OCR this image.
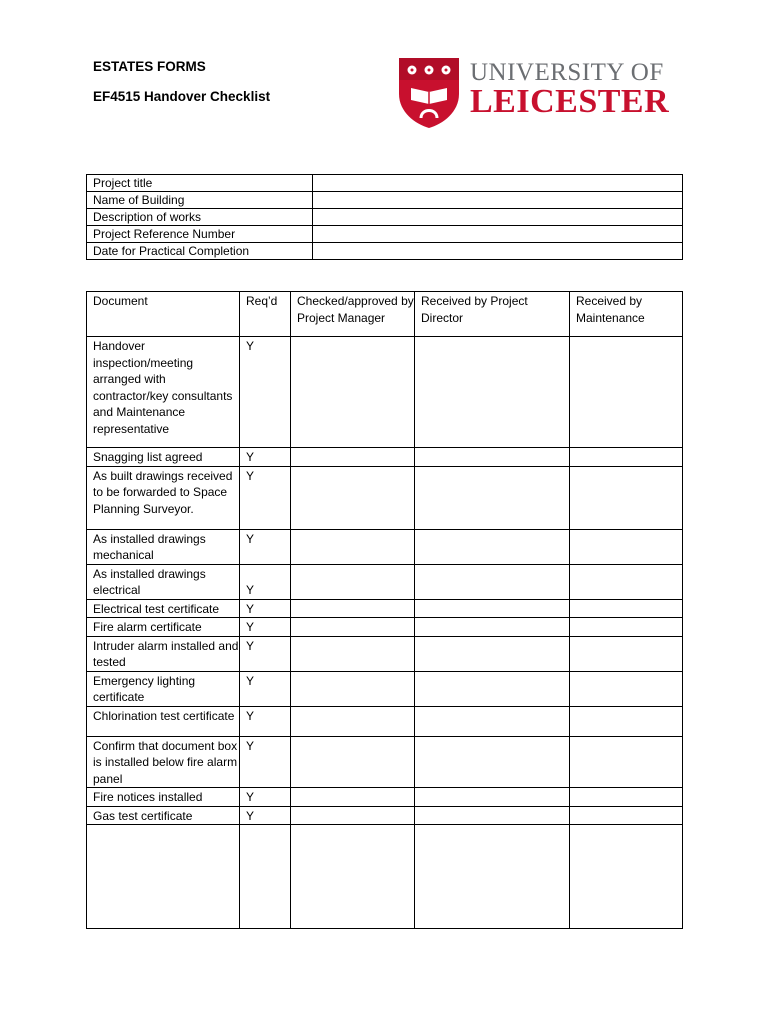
ESTATES FORMS
EF4515 Handover Checklist
UNIVERSITY OF
LEICESTER
Project title	
Name of Building	
Description of works	
Project Reference Number	
Date for Practical Completion	
Document	Req’d	Checked/approved by Project Manager	Received by Project Director	Received by Maintenance
Handover inspection/meeting arranged with contractor/key consultants and Maintenance representative	Y			
Snagging list agreed	Y			
As built drawings received to be forwarded to Space Planning Surveyor.	Y			
As installed drawings mechanical	Y			
As installed drawings electrical	Y			
Electrical test certificate	Y			
Fire alarm certificate	Y			
Intruder alarm installed and tested	Y			
Emergency lighting certificate	Y			
Chlorination test certificate	Y			
Confirm that document box is installed below fire alarm panel	Y			
Fire notices installed	Y			
Gas test certificate	Y			
